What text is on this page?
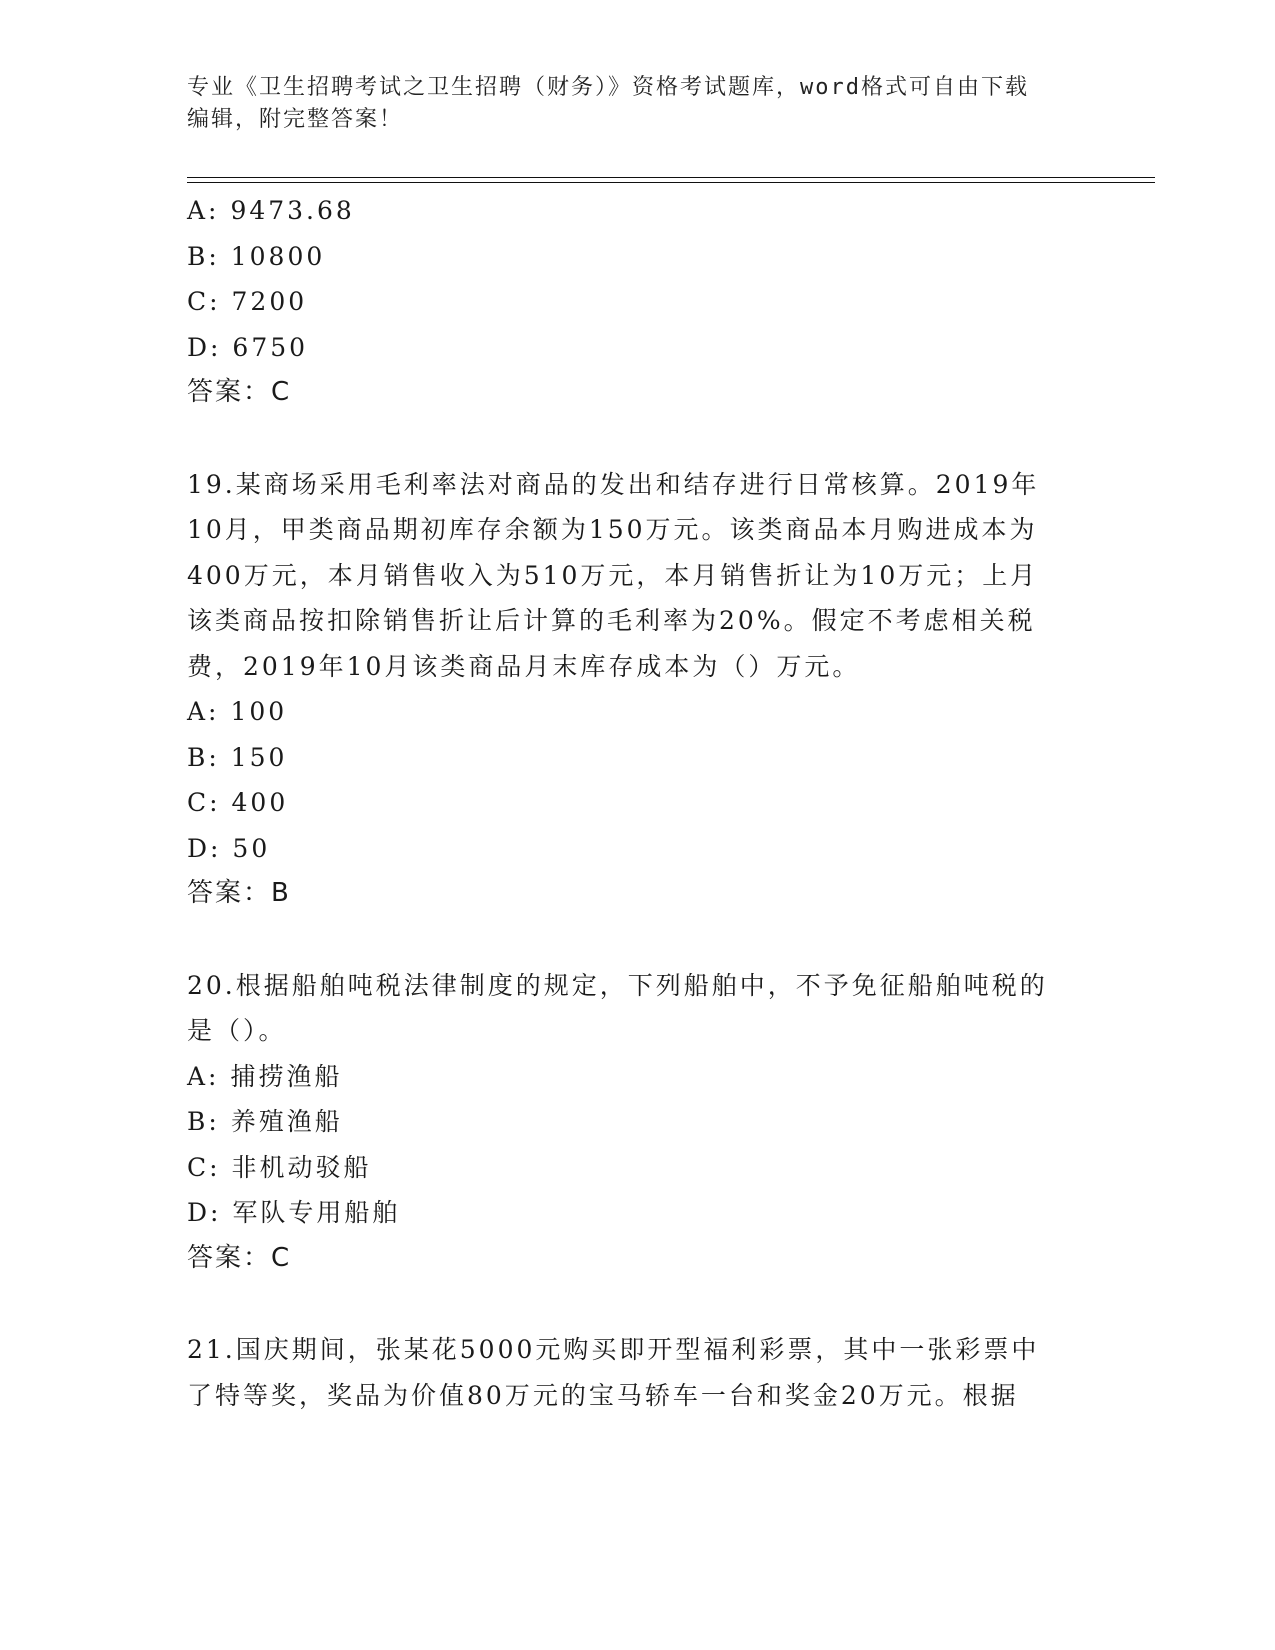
专业《卫生招聘考试之卫生招聘（财务）》资格考试题库，word格式可自由下载
编辑，附完整答案！
A: 9473.68
B: 10800
C: 7200
D: 6750
答案：C
19.某商场采用毛利率法对商品的发出和结存进行日常核算。2019年
10月，甲类商品期初库存余额为150万元。该类商品本月购进成本为
400万元，本月销售收入为510万元，本月销售折让为10万元；上月
该类商品按扣除销售折让后计算的毛利率为20%。假定不考虑相关税
费，2019年10月该类商品月末库存成本为（）万元。
A: 100
B: 150
C: 400
D: 50
答案：B
20.根据船舶吨税法律制度的规定，下列船舶中，不予免征船舶吨税的
是（）。
A: 捕捞渔船
B: 养殖渔船
C: 非机动驳船
D: 军队专用船舶
答案：C
21.国庆期间，张某花5000元购买即开型福利彩票，其中一张彩票中
了特等奖，奖品为价值80万元的宝马轿车一台和奖金20万元。根据
